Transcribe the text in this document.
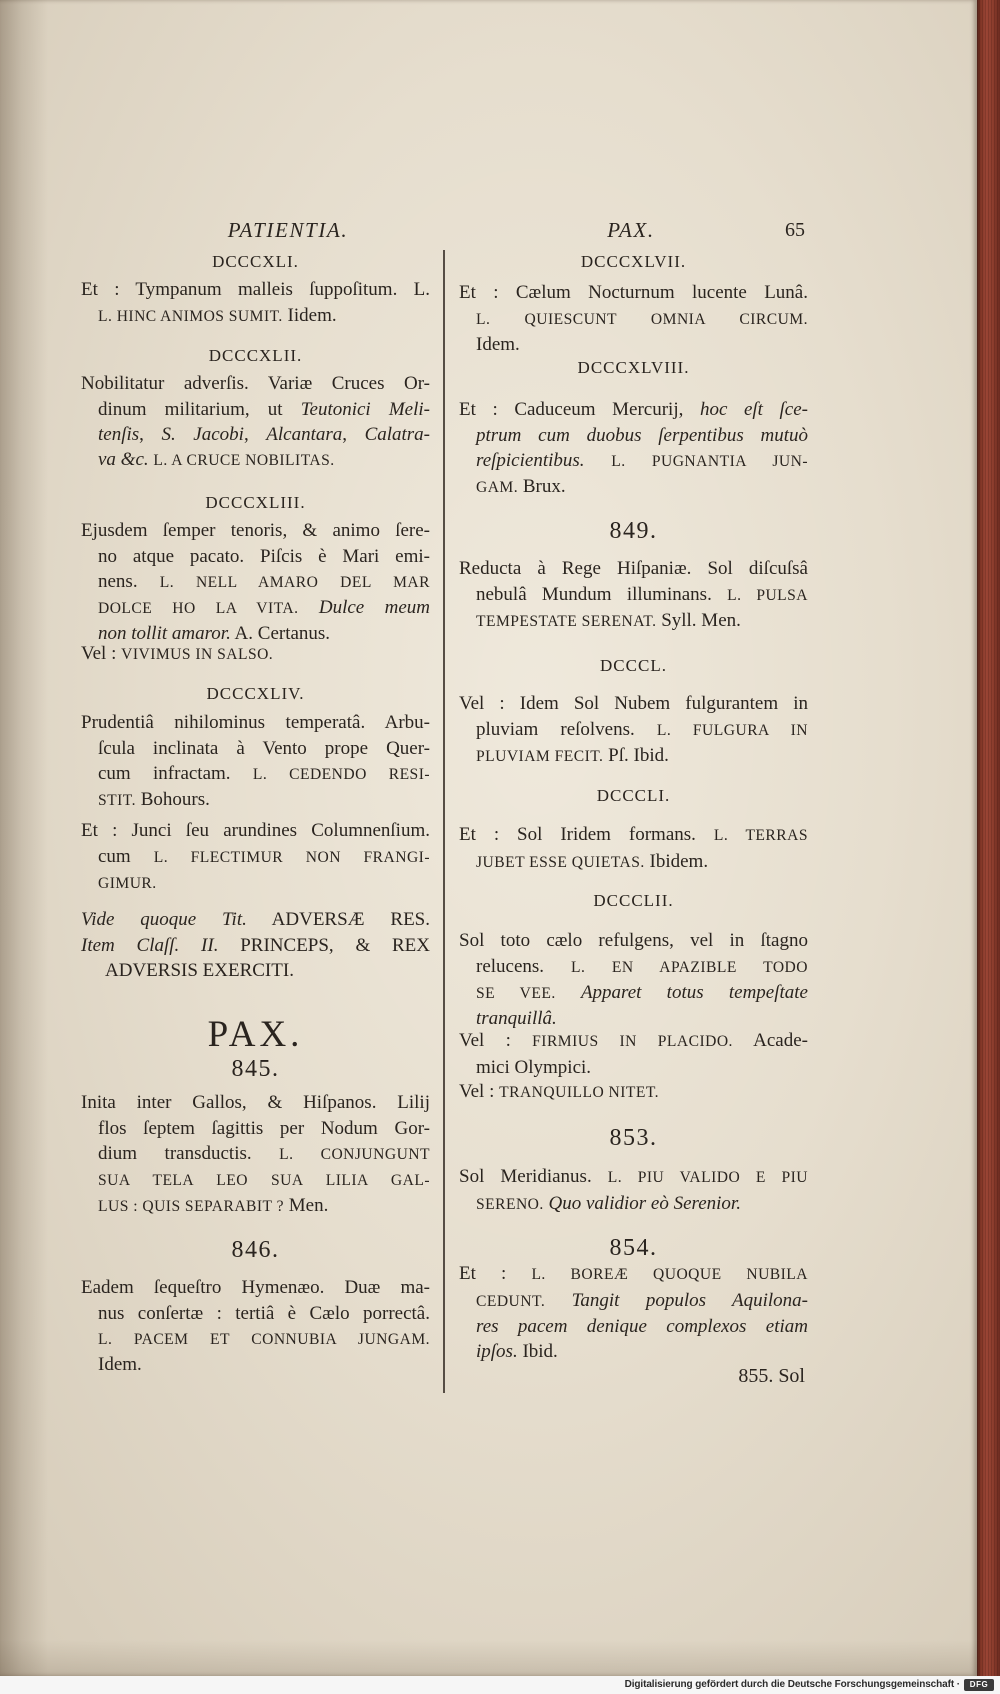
PATIENTIA.	PAX.	65
Digitalisierung gefördert durch die Deutsche Forschungsgemeinschaft ·	DFG
DCCCXLI.
Et : Tympanum malleis ſuppoſitum. L.
L. HINC ANIMOS SUMIT. Iidem.
DCCCXLII.
Nobilitatur adverſis. Variæ Cruces Or-
dinum militarium, ut Teutonici Meli-
tenſis, S. Jacobi, Alcantara, Calatra-
va &c. L. A CRUCE NOBILITAS.
DCCCXLIII.
Ejusdem ſemper tenoris, & animo ſere-
no atque pacato. Piſcis è Mari emi-
nens. L. NELL AMARO DEL MAR
DOLCE HO LA VITA. Dulce meum
non tollit amaror. A. Certanus.
Vel : VIVIMUS IN SALSO.
DCCCXLIV.
Prudentiâ nihilominus temperatâ. Arbu-
ſcula inclinata à Vento prope Quer-
cum infractam. L. CEDENDO RESI-
STIT. Bohours.
Et : Junci ſeu arundines Columnenſium.
cum L. FLECTIMUR NON FRANGI-
GIMUR.
Vide quoque Tit. ADVERSÆ RES.
Item Claſſ. II. PRINCEPS, & REX
ADVERSIS EXERCITI.
PAX.
845.
Inita inter Gallos, & Hiſpanos. Lilij
flos ſeptem ſagittis per Nodum Gor-
dium transductis. L. CONJUNGUNT
SUA TELA LEO SUA LILIA GAL-
LUS : QUIS SEPARABIT ? Men.
846.
Eadem ſequeſtro Hymenæo. Duæ ma-
nus conſertæ : tertiâ è Cælo porrectâ.
L. PACEM ET CONNUBIA JUNGAM.
Idem.
DCCCXLVII.
Et : Cælum Nocturnum lucente Lunâ.
L. QUIESCUNT OMNIA CIRCUM.
Idem.
DCCCXLVIII.
Et : Caduceum Mercurij, hoc eſt ſce-
ptrum cum duobus ſerpentibus mutuò
reſpicientibus. L. PUGNANTIA JUN-
GAM. Brux.
849.
Reducta à Rege Hiſpaniæ. Sol diſcuſsâ
nebulâ Mundum illuminans. L. PULSA
TEMPESTATE SERENAT. Syll. Men.
DCCCL.
Vel : Idem Sol Nubem fulgurantem in
pluviam reſolvens. L. FULGURA IN
PLUVIAM FECIT. Pſ. Ibid.
DCCCLI.
Et : Sol Iridem formans. L. TERRAS
JUBET ESSE QUIETAS. Ibidem.
DCCCLII.
Sol toto cælo refulgens, vel in ſtagno
relucens. L. EN APAZIBLE TODO
SE VEE. Apparet totus tempeſtate
tranquillâ.
Vel : FIRMIUS IN PLACIDO. Acade-
mici Olympici.
Vel : TRANQUILLO NITET.
853.
Sol Meridianus. L. PIU VALIDO E PIU
SERENO. Quo validior eò Serenior.
854.
Et : L. BOREÆ QUOQUE NUBILA
CEDUNT. Tangit populos Aquilona-
res pacem denique complexos etiam
ipſos. Ibid.
855. Sol
